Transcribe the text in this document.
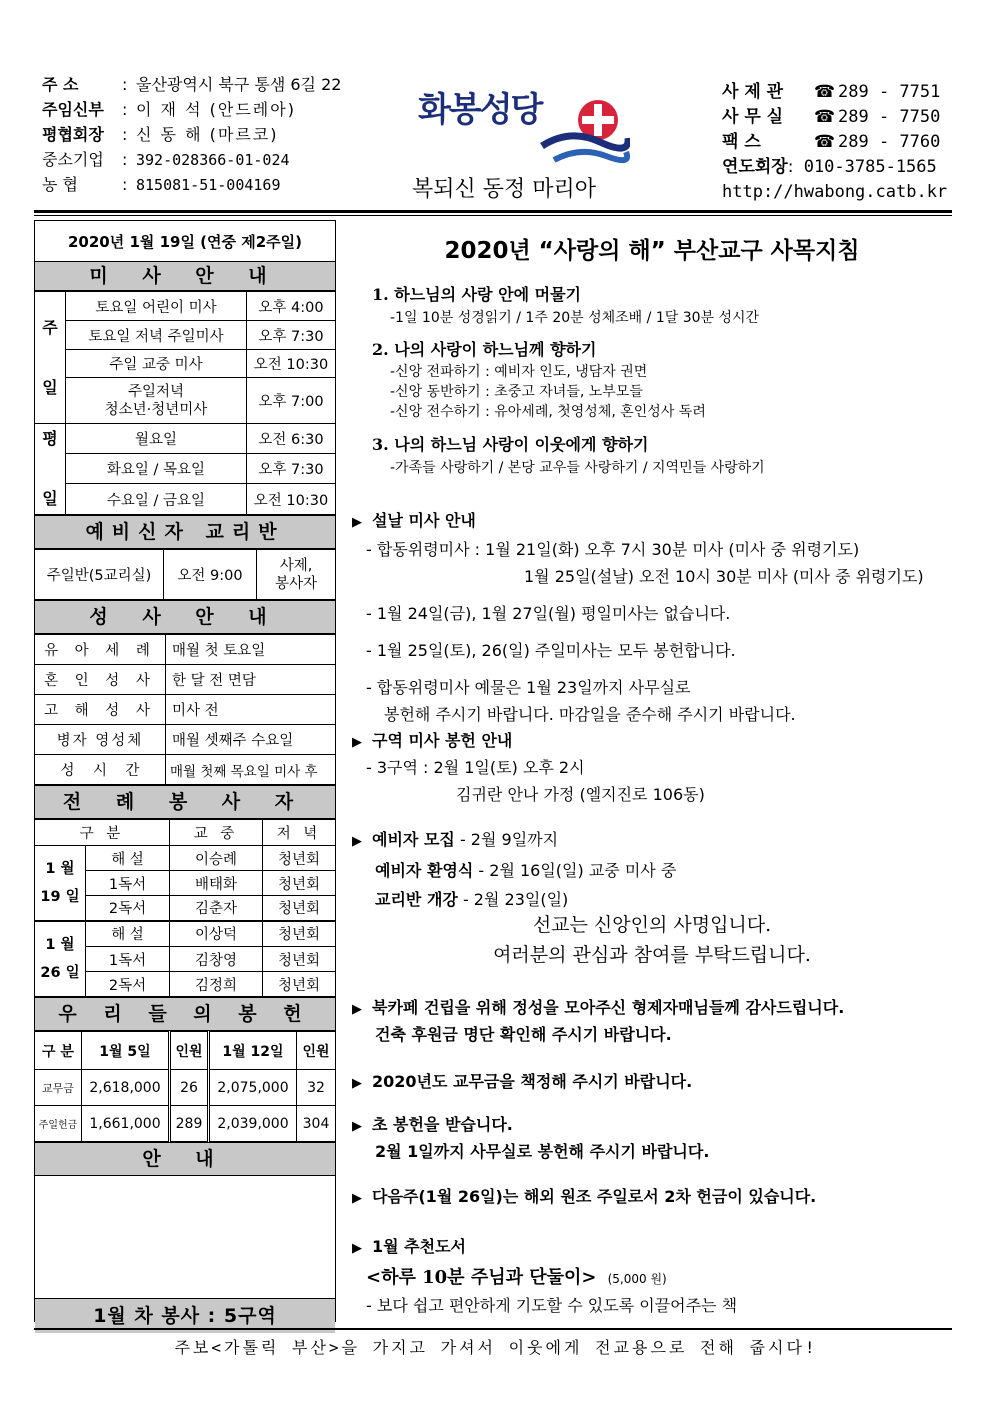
주 소	: 울산광역시 북구 통샘 6길 22
주임신부	: 이 재 석 (안드레아)
평협회장	: 신 동 해 (마르코)
중소기업	: 392-028366-01-024
농 협	: 815081-51-004169
화봉성당
복되신 동정 마리아
사 제 관	☎ 289 - 7751
사 무 실	☎ 289 - 7750
팩 스	☎ 289 - 7760
연도회장 : 010-3785-1565
http://hwabong.catb.kr
2020년 1월 19일 (연중 제2주일)
미 사 안 내
주

일	토요일 어린이 미사	오후 4:00
	토요일 저녁 주일미사	오후 7:30
	주일 교중 미사	오전 10:30
	주일저녁
청소년·청년미사	오후 7:00
평

일	월요일	오전 6:30
	화요일 / 목요일	오후 7:30
	수요일 / 금요일	오전 10:30
예비신자 교리반
주일반(5교리실)	오전 9:00	사제,
봉사자
성 사 안 내
유 아 세 례	매월 첫 토요일
혼 인 성 사	한 달 전 면담
고 해 성 사	미사 전
병자 영성체	매월 셋째주 수요일
성    시    간	매월 첫째 목요일 미사 후
전 례 봉 사 자
구 분		교 중	저 녁
1 월
19 일	해 설	이승례	청년회
	1독서	배태화	청년회
	2독서	김춘자	청년회
1 월
26 일	해 설	이상덕	청년회
	1독서	김창영	청년회
	2독서	김정희	청년회
우 리 들 의 봉 헌
구 분	1월 5일	인원	1월 12일	인원
교무금	2,618,000	26	2,075,000	32
주일헌금	1,661,000	289	2,039,000	304
안 내
1월 차 봉사 : 5구역
2020년 “사랑의 해” 부산교구 사목지침
1. 하느님의 사랑 안에 머물기
-1일 10분 성경읽기 / 1주 20분 성체조배 / 1달 30분 성시간
2. 나의 사랑이 하느님께 향하기
-신앙 전파하기 : 예비자 인도, 냉담자 권면
-신앙 동반하기 : 초중고 자녀들, 노부모들
-신앙 전수하기 : 유아세례, 첫영성체, 혼인성사 독려
3. 나의 하느님 사랑이 이웃에게 향하기
-가족들 사랑하기 / 본당 교우들 사랑하기 / 지역민들 사랑하기
▶ 설날 미사 안내
- 합동위령미사 : 1월 21일(화) 오후 7시 30분 미사 (미사 중 위령기도)
1월 25일(설날) 오전 10시 30분 미사 (미사 중 위령기도)
- 1월 24일(금), 1월 27일(월) 평일미사는 없습니다.
- 1월 25일(토), 26(일) 주일미사는 모두 봉헌합니다.
- 합동위령미사 예물은 1월 23일까지 사무실로
봉헌해 주시기 바랍니다. 마감일을 준수해 주시기 바랍니다.
▶ 구역 미사 봉헌 안내
- 3구역 : 2월 1일(토) 오후 2시
김귀란 안나 가정 (엘지진로 106동)
▶ 예비자 모집 - 2월 9일까지
예비자 환영식 - 2월 16일(일) 교중 미사 중
교리반 개강 - 2월 23일(일)
선교는 신앙인의 사명입니다.
여러분의 관심과 참여를 부탁드립니다.
▶ 북카페 건립을 위해 정성을 모아주신 형제자매님들께 감사드립니다.
건축 후원금 명단 확인해 주시기 바랍니다.
▶ 2020년도 교무금을 책정해 주시기 바랍니다.
▶ 초 봉헌을 받습니다.
2월 1일까지 사무실로 봉헌해 주시기 바랍니다.
▶ 다음주(1월 26일)는 해외 원조 주일로서 2차 헌금이 있습니다.
▶ 1월 추천도서
<하루 10분 주님과 단둘이> (5,000 원)
- 보다 쉽고 편안하게 기도할 수 있도록 이끌어주는 책
주보<가톨릭 부산>을 가지고 가셔서 이웃에게 전교용으로 전해 줍시다!
